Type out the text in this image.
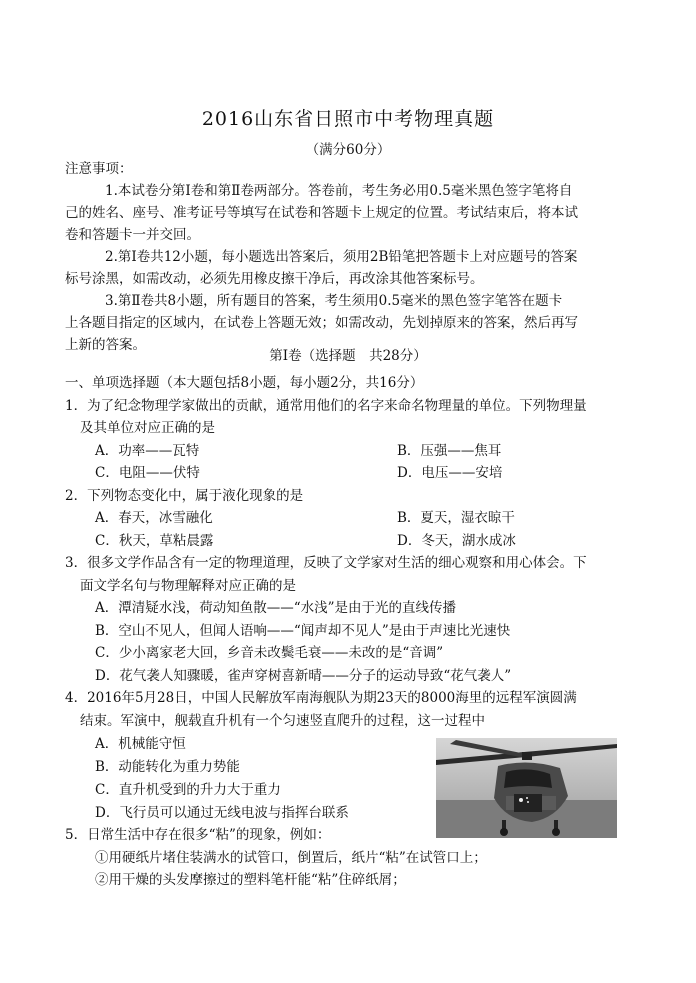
2016山东省日照市中考物理真题
（满分60分）
注意事项：
1.本试卷分第Ⅰ卷和第Ⅱ卷两部分。答卷前，考生务必用0.5毫米黑色签字笔将自
己的姓名、座号、准考证号等填写在试卷和答题卡上规定的位置。考试结束后，将本试
卷和答题卡一并交回。
2.第Ⅰ卷共12小题，每小题选出答案后，须用2B铅笔把答题卡上对应题号的答案
标号涂黑，如需改动，必须先用橡皮擦干净后，再改涂其他答案标号。
3.第Ⅱ卷共8小题，所有题目的答案，考生须用0.5毫米的黑色签字笔答在题卡
上各题目指定的区域内，在试卷上答题无效；如需改动，先划掉原来的答案，然后再写
上新的答案。
第Ⅰ卷（选择题　共28分）
一、单项选择题（本大题包括8小题，每小题2分，共16分）
1．为了纪念物理学家做出的贡献，通常用他们的名字来命名物理量的单位。下列物理量
及其单位对应正确的是
A．功率——瓦特	B．压强——焦耳
C．电阻——伏特	D．电压——安培
2．下列物态变化中，属于液化现象的是
A．春天，冰雪融化	B．夏天，湿衣晾干
C．秋天，草粘晨露	D．冬天，湖水成冰
3．很多文学作品含有一定的物理道理，反映了文学家对生活的细心观察和用心体会。下
面文学名句与物理解释对应正确的是
A．潭清疑水浅，荷动知鱼散——“水浅”是由于光的直线传播
B．空山不见人，但闻人语响——“闻声却不见人”是由于声速比光速快
C．少小离家老大回，乡音未改鬓毛衰——未改的是“音调”
D．花气袭人知骤暖，雀声穿树喜新晴——分子的运动导致“花气袭人”
4．2016年5月28日，中国人民解放军南海舰队为期23天的8000海里的远程军演圆满
结束。军演中，舰载直升机有一个匀速竖直爬升的过程，这一过程中
A．机械能守恒
B．动能转化为重力势能
C．直升机受到的升力大于重力
D．飞行员可以通过无线电波与指挥台联系
5．日常生活中存在很多“粘”的现象，例如：
①用硬纸片堵住装满水的试管口，倒置后，纸片“粘”在试管口上；
②用干燥的头发摩擦过的塑料笔杆能“粘”住碎纸屑；
